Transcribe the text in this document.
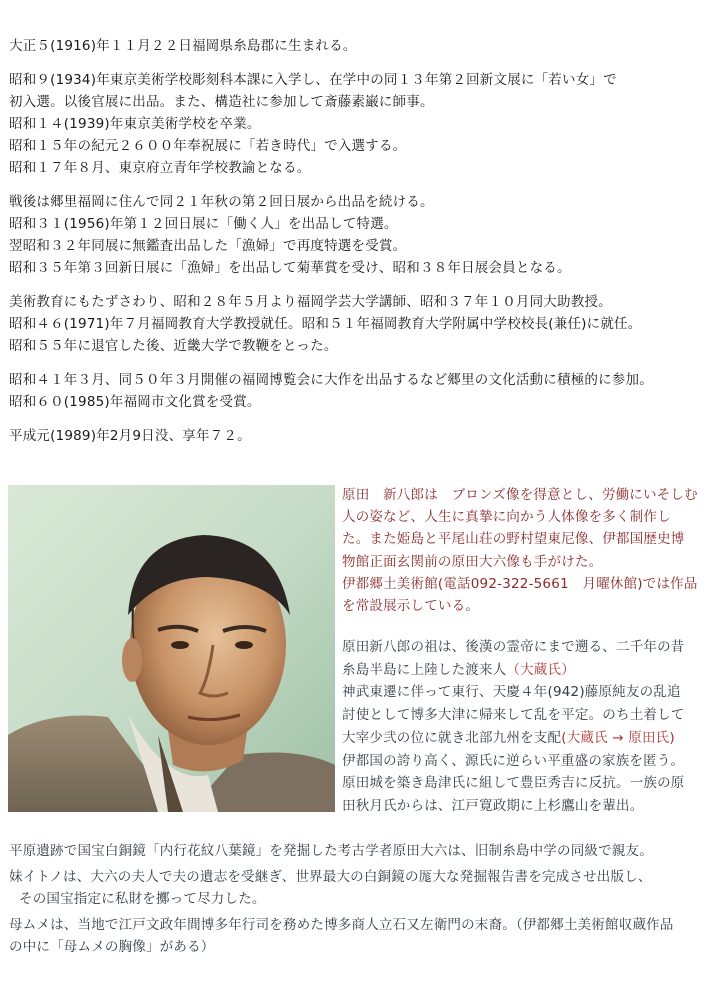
大正５(1916)年１１月２２日福岡県糸島郡に生まれる。
昭和９(1934)年東京美術学校彫刻科本課に入学し、在学中の同１３年第２回新文展に「若い女」で
初入選。以後官展に出品。また、構造社に参加して斎藤素巌に師事。
昭和１４(1939)年東京美術学校を卒業。
昭和１５年の紀元２６００年奉祝展に「若き時代」で入選する。
昭和１７年８月、東京府立青年学校教諭となる。
戦後は郷里福岡に住んで同２１年秋の第２回日展から出品を続ける。
昭和３１(1956)年第１２回日展に「働く人」を出品して特選。
翌昭和３２年同展に無鑑査出品した「漁婦」で再度特選を受賞。
昭和３５年第３回新日展に「漁婦」を出品して菊華賞を受け、昭和３８年日展会員となる。
美術教育にもたずさわり、昭和２８年５月より福岡学芸大学講師、昭和３７年１０月同大助教授。
昭和４６(1971)年７月福岡教育大学教授就任。昭和５１年福岡教育大学附属中学校校長(兼任)に就任。
昭和５５年に退官した後、近畿大学で教鞭をとった。
昭和４１年３月、同５０年３月開催の福岡博覧会に大作を出品するなど郷里の文化活動に積極的に参加。
昭和６０(1985)年福岡市文化賞を受賞。
平成元(1989)年2月9日没、享年７２。
原田　新八郎は　ブロンズ像を得意とし、労働にいそしむ
人の姿など、人生に真摯に向かう人体像を多く制作し
た。また姫島と平尾山荘の野村望東尼像、伊都国歴史博
物館正面玄関前の原田大六像も手がけた。
伊都郷土美術館(電話092-322-5661　月曜休館)では作品
を常設展示している。
原田新八郎の祖は、後漢の霊帝にまで遡る、二千年の昔
糸島半島に上陸した渡来人（大蔵氏）
神武東遷に伴って東行、天慶４年(942)藤原純友の乱追
討使として博多大津に帰来して乱を平定。のち土着して
大宰少弐の位に就き北部九州を支配(大蔵氏 → 原田氏)
伊都国の誇り高く、源氏に逆らい平重盛の家族を匿う。
原田城を築き島津氏に組して豊臣秀吉に反抗。一族の原
田秋月氏からは、江戸寛政期に上杉鷹山を輩出。
平原遺跡で国宝白銅鏡「内行花紋八葉鏡」を発掘した考古学者原田大六は、旧制糸島中学の同級で親友。
妹イトノは、大六の夫人で夫の遺志を受継ぎ、世界最大の白銅鏡の厖大な発掘報告書を完成させ出版し、
その国宝指定に私財を擲って尽力した。
母ムメは、当地で江戸文政年間博多年行司を務めた博多商人立石又左衛門の末裔。（伊都郷土美術館収蔵作品
の中に「母ムメの胸像」がある）
